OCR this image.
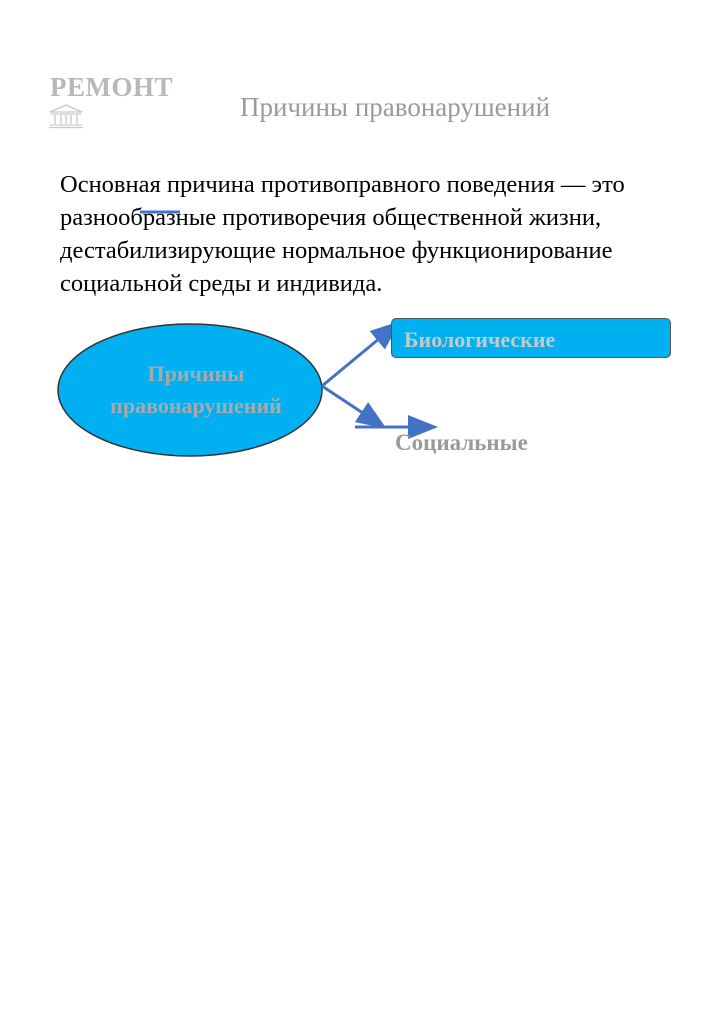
РЕМОНТ
Причины правонарушений
Основная причина противоправного поведения — это разнообразные противоречия общественной жизни, дестабилизирующие нормальное функционирование социальной среды и индивида.
Причины правонарушений
Биологические
Социальные
